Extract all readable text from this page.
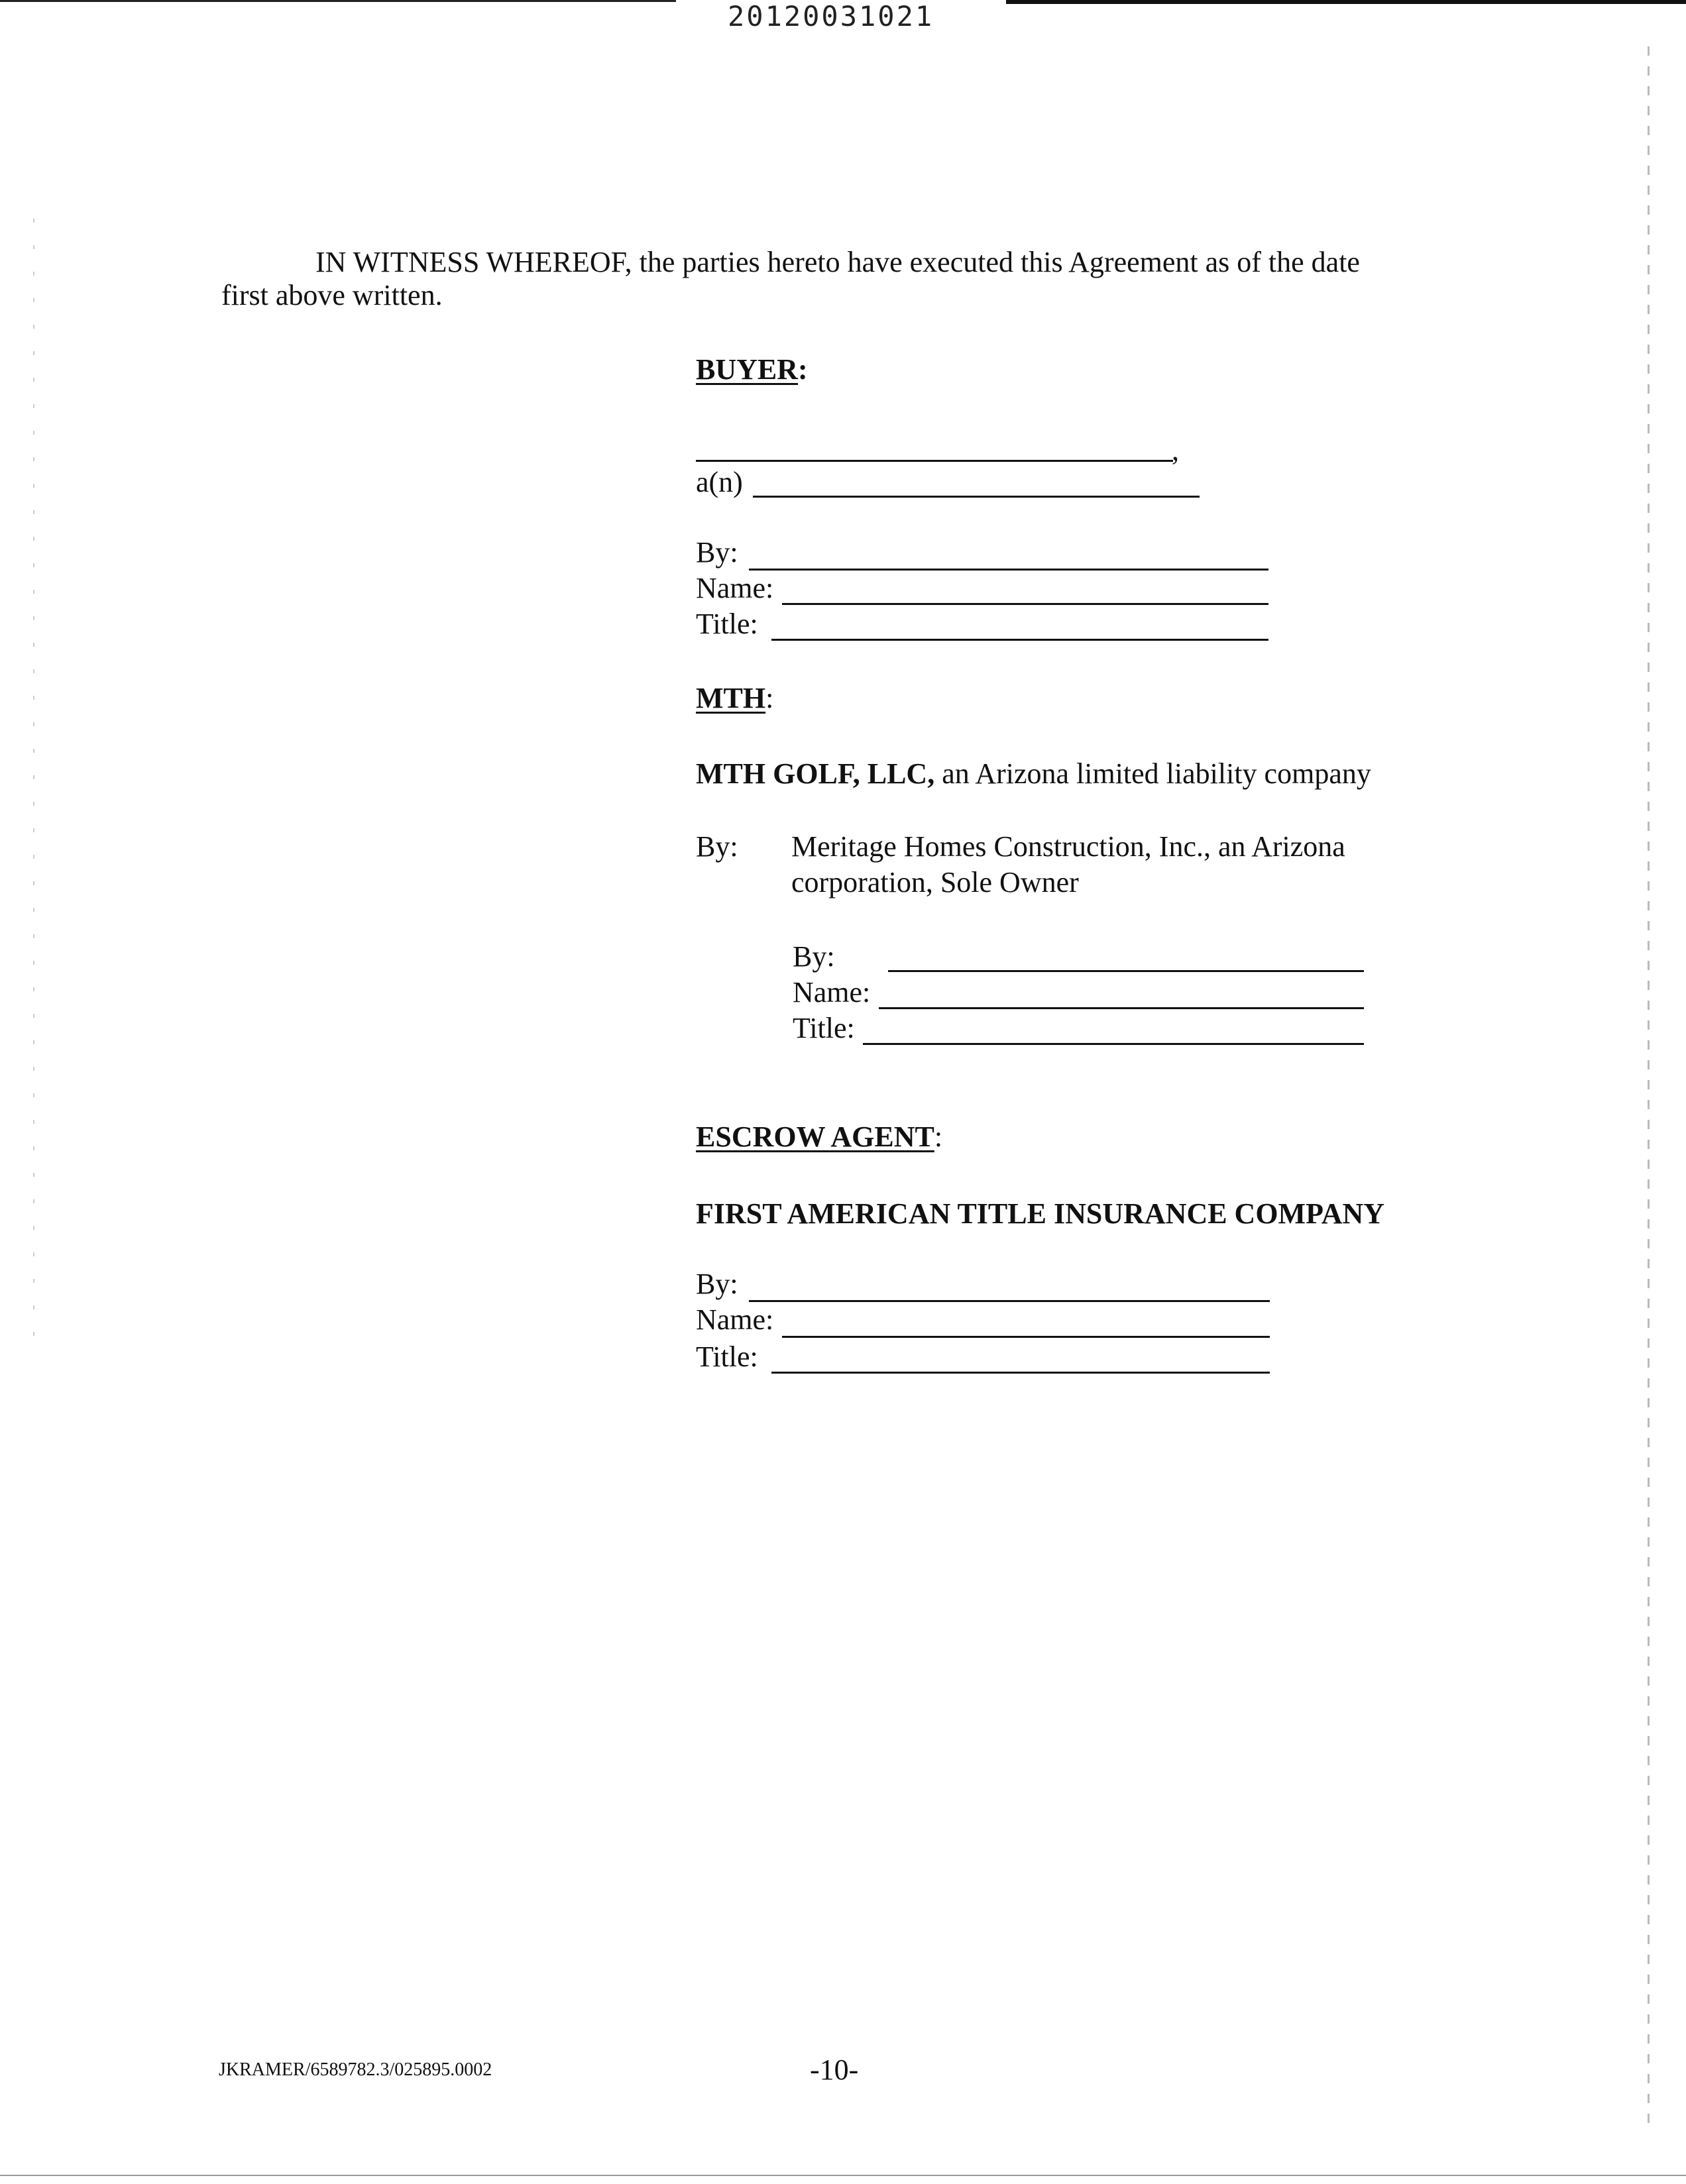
20120031021
IN WITNESS WHEREOF, the parties hereto have executed this Agreement as of the date
first above written.
BUYER:
,
a(n)
By:
Name:
Title:
MTH:
MTH GOLF, LLC, an Arizona limited liability company
By: Meritage Homes Construction, Inc., an Arizona
corporation, Sole Owner
By:
Name:
Title:
ESCROW AGENT:
FIRST AMERICAN TITLE INSURANCE COMPANY
By:
Name:
Title:
JKRAMER/6589782.3/025895.0002	-10-
